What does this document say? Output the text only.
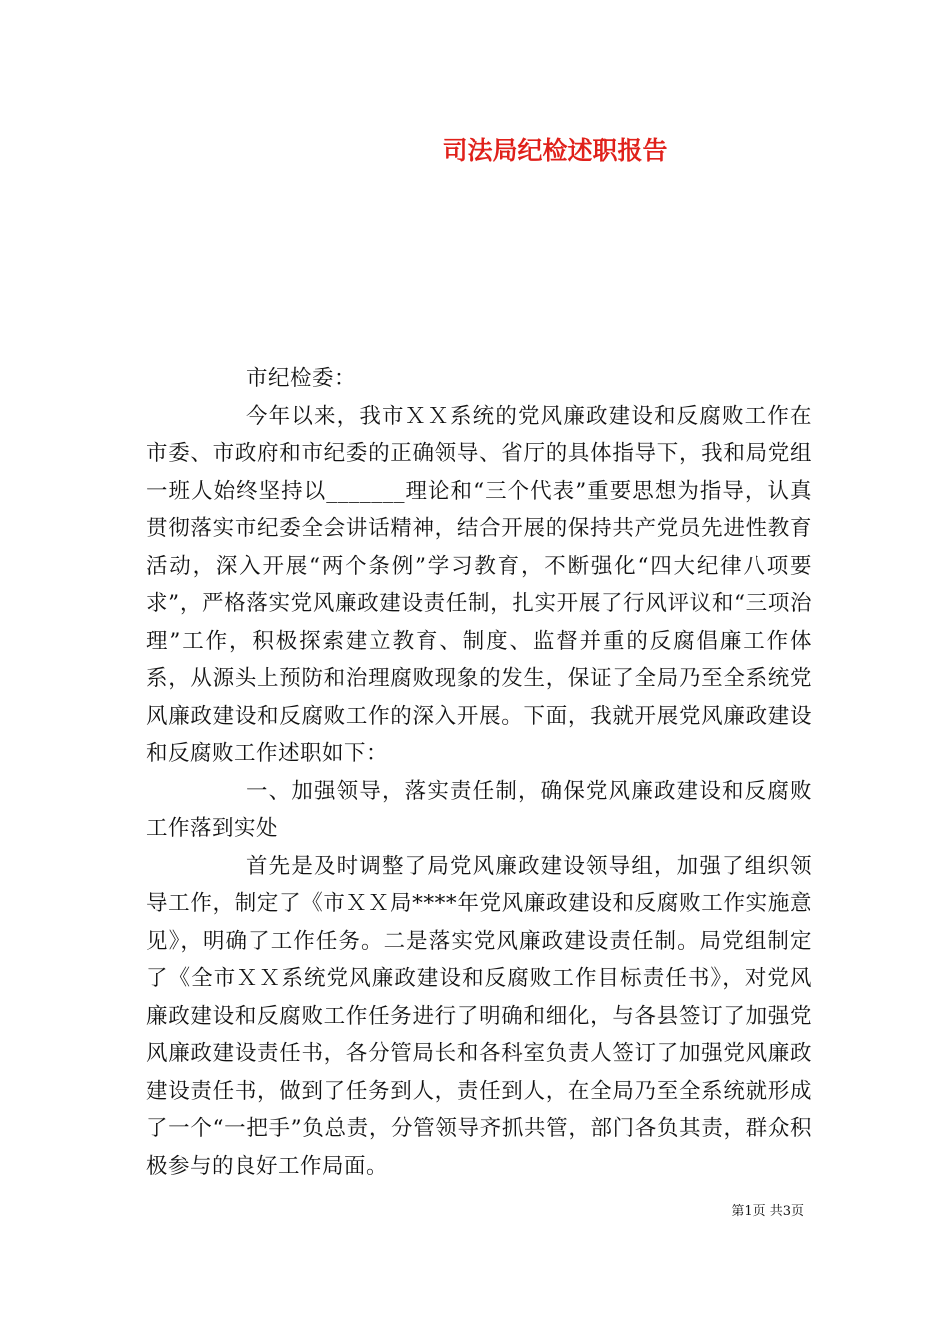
司法局纪检述职报告

市纪检委：

今年以来，我市ＸＸ系统的党风廉政建设和反腐败工作在市委、市政府和市纪委的正确领导、省厅的具体指导下，我和局党组一班人始终坚持以_______理论和“三个代表”重要思想为指导，认真贯彻落实市纪委全会讲话精神，结合开展的保持共产党员先进性教育活动，深入开展“两个条例”学习教育，不断强化“四大纪律八项要求”，严格落实党风廉政建设责任制，扎实开展了行风评议和“三项治理”工作，积极探索建立教育、制度、监督并重的反腐倡廉工作体系，从源头上预防和治理腐败现象的发生，保证了全局乃至全系统党风廉政建设和反腐败工作的深入开展。下面，我就开展党风廉政建设和反腐败工作述职如下：

一、加强领导，落实责任制，确保党风廉政建设和反腐败工作落到实处

首先是及时调整了局党风廉政建设领导组，加强了组织领导工作，制定了《市ＸＸ局****年党风廉政建设和反腐败工作实施意见》，明确了工作任务。二是落实党风廉政建设责任制。局党组制定了《全市ＸＸ系统党风廉政建设和反腐败工作目标责任书》，对党风廉政建设和反腐败工作任务进行了明确和细化，与各县签订了加强党风廉政建设责任书，各分管局长和各科室负责人签订了加强党风廉政建设责任书，做到了任务到人，责任到人，在全局乃至全系统就形成了一个“一把手”负总责，分管领导齐抓共管，部门各负其责，群众积极参与的良好工作局面。

第1页 共3页
